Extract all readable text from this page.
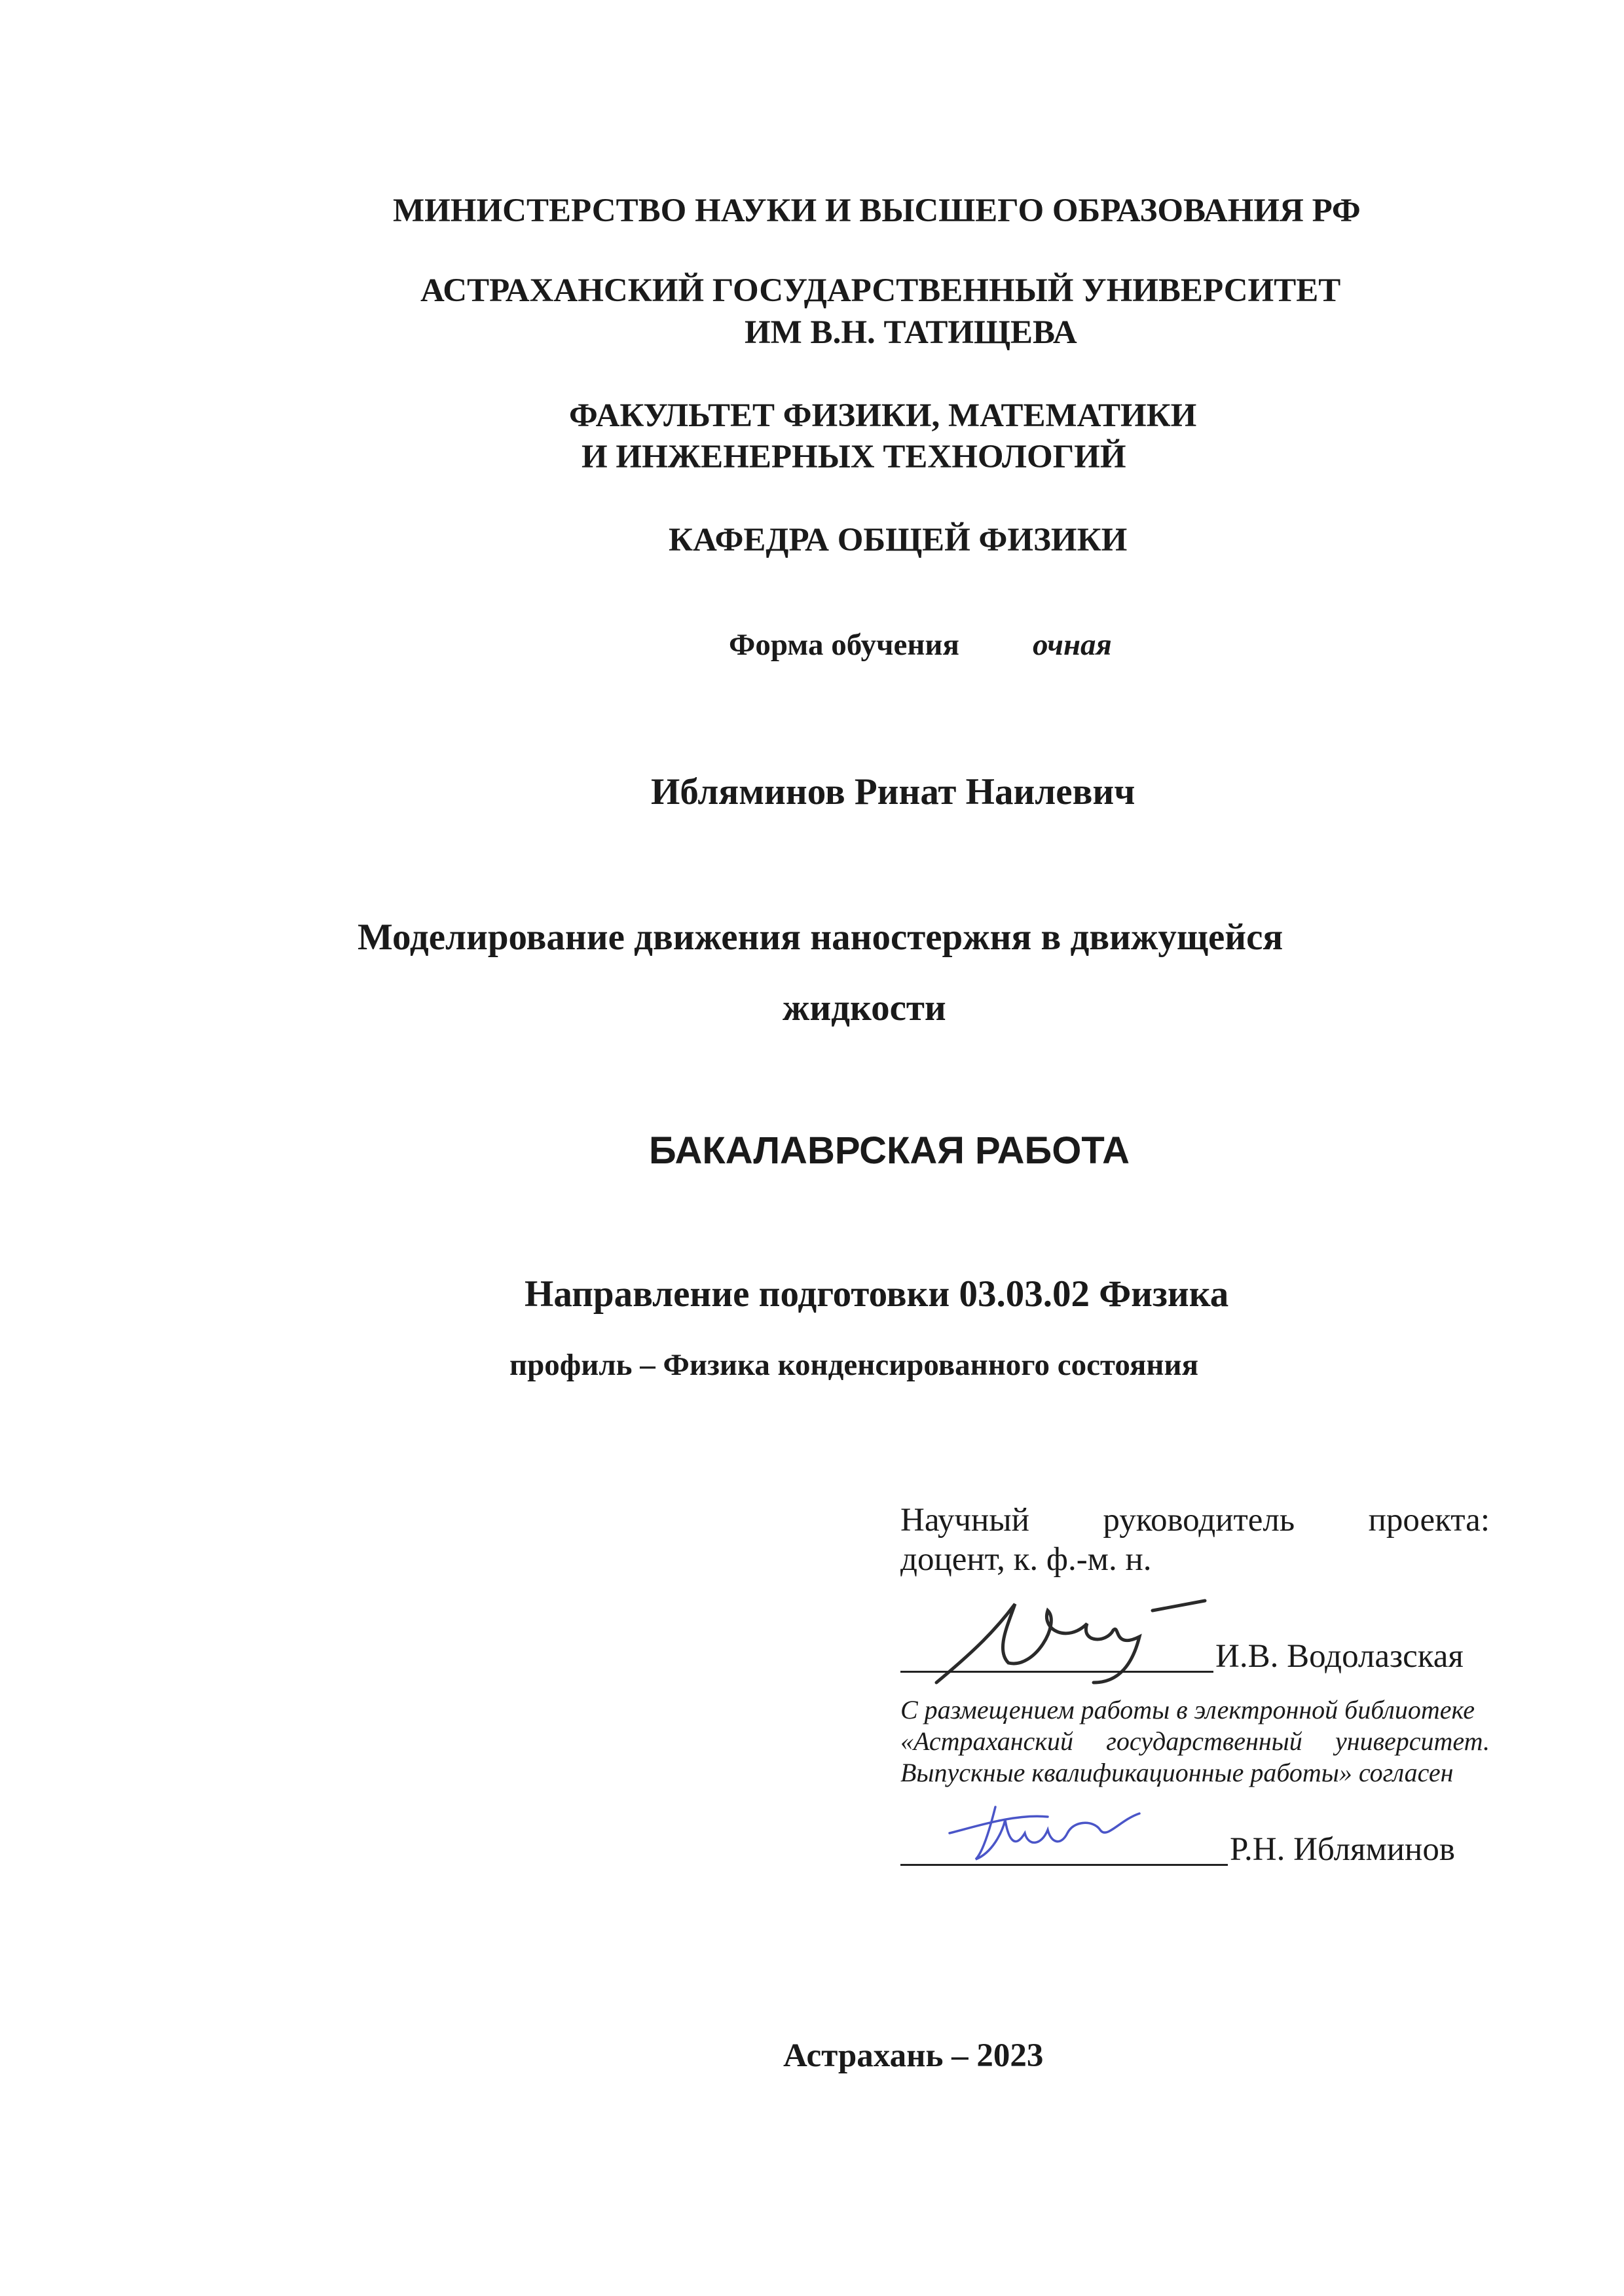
МИНИСТЕРСТВО НАУКИ И ВЫСШЕГО ОБРАЗОВАНИЯ РФ
АСТРАХАНСКИЙ ГОСУДАРСТВЕННЫЙ УНИВЕРСИТЕТ
ИМ В.Н. ТАТИЩЕВА
ФАКУЛЬТЕТ ФИЗИКИ, МАТЕМАТИКИ
И ИНЖЕНЕРНЫХ ТЕХНОЛОГИЙ
КАФЕДРА ОБЩЕЙ ФИЗИКИ
Форма обучения очная
Ибляминов Ринат Наилевич
Моделирование движения наностержня в движущейся
жидкости
БАКАЛАВРСКАЯ РАБОТА
Направление подготовки 03.03.02 Физика
профиль – Физика конденсированного состояния
Научный руководитель проекта:
доцент, к. ф.-м. н.
И.В. Водолазская
С размещением работы в электронной библиотеке
«Астраханский государственный университет.
Выпускные квалификационные работы» согласен
Р.Н. Ибляминов
Астрахань – 2023
